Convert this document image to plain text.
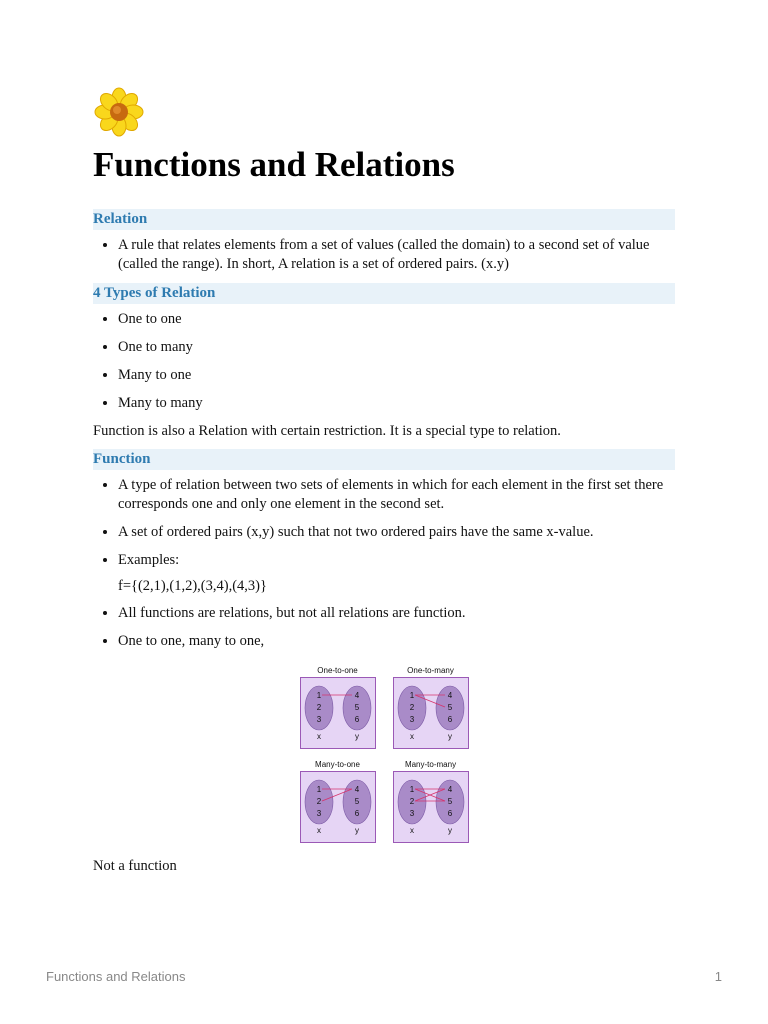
Functions and Relations
Relation
• A rule that relates elements from a set of values (called the domain) to a second set of value (called the range). In short, A relation is a set of ordered pairs. (x.y)
4 Types of Relation
• One to one
• One to many
• Many to one
• Many to many

Function is also a Relation with certain restriction. It is a special type to relation.

Function
• A type of relation between two sets of elements in which for each element in the first set there corresponds one and only one element in the second set.
• A set of ordered pairs (x,y) such that not two ordered pairs have the same x-value.
• Examples:

f={(2,1),(1,2),(3,4),(4,3)}

• All functions are relations, but not all relations are function.
• One to one, many to one,
One-to-one
1
2
3
4
5
6
x	y
One-to-many
1
2
3
4
5
6
x	y
Many-to-one
1
2
3
4
5
6
x	y
Many-to-many
1
2
3
4
5
6
x	y

Not a function

Functions and Relations	1
